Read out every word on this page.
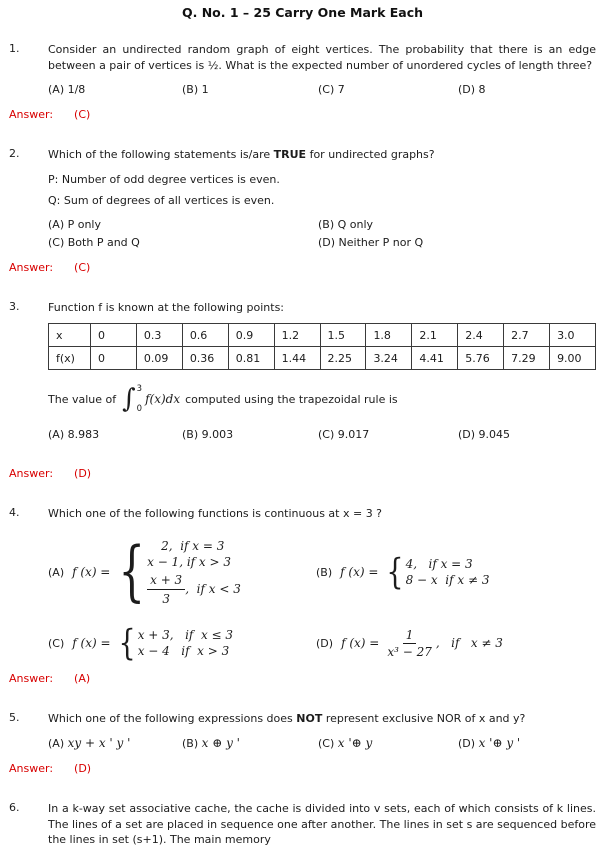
Q. No. 1 – 25 Carry One Mark Each
1.	Consider an undirected random graph of eight vertices. The probability that there is an edge between a pair of vertices is ½. What is the expected number of unordered cycles of length three?
(A) 1/8	(B) 1	(C) 7	(D) 8
Answer: (C)
2.	Which of the following statements is/are TRUE for undirected graphs?
P: Number of odd degree vertices is even.
Q: Sum of degrees of all vertices is even.
(A) P only	(B) Q only
(C) Both P and Q	(D) Neither P nor Q
Answer: (C)
3.	Function f is known at the following points:
x	0	0.3	0.6	0.9	1.2	1.5	1.8	2.1	2.4	2.7	3.0
f(x)	0	0.09	0.36	0.81	1.44	2.25	3.24	4.41	5.76	7.29	9.00
The value of ∫ 3
0
f(x)dx computed using the trapezoidal rule is
(A) 8.983	(B) 9.003	(C) 9.017	(D) 9.045
Answer: (D)
4.	Which one of the following functions is continuous at x = 3 ?
(A) f (x) = {	2,  if x = 3
x − 1, if x > 3
$\frac{x + 3}{3}$ ,  if x < 3
(B) f (x) = { 4,   if x = 3
8 − x  if x ≠ 3
(C) f (x) = { x + 3,   if  x ≤ 3
x − 4   if  x > 3
(D) f $(x) = \frac{1}{\text{x³ − 27}}$ ,   if   x ≠ 3
Answer: (A)
5.	Which one of the following expressions does NOT represent exclusive NOR of x and y?
(A) xy + x ' y '	(B) x ⊕ y '	(C) x '⊕ y	(D) x '⊕ y '
Answer: (D)
6.	In a k-way set associative cache, the cache is divided into v sets, each of which consists of k lines. The lines of a set are placed in sequence one after another. The lines in set s are sequenced before the lines in set (s+1). The main memory
